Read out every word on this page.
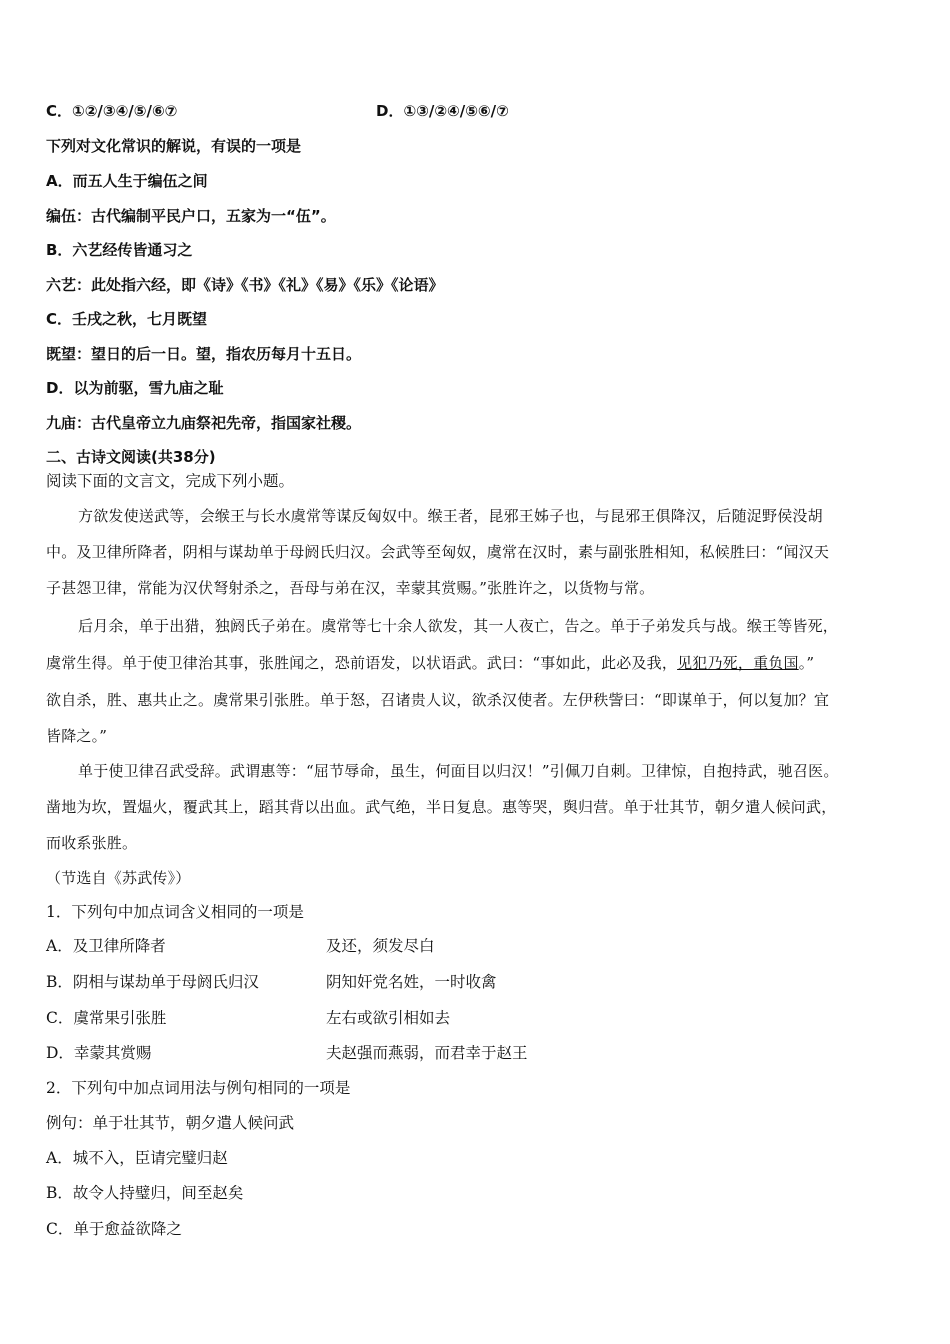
C．①②/③④/⑤/⑥⑦	D．①③/②④/⑤⑥/⑦
下列对文化常识的解说，有误的一项是
A．而五人生于编伍之间
编伍：古代编制平民户口，五家为一“伍”。
B．六艺经传皆通习之
六艺：此处指六经，即《诗》《书》《礼》《易》《乐》《论语》
C．壬戌之秋，七月既望
既望：望日的后一日。望，指农历每月十五日。
D．以为前驱，雪九庙之耻
九庙：古代皇帝立九庙祭祀先帝，指国家社稷。
二、古诗文阅读(共38分)
阅读下面的文言文，完成下列小题。
方欲发使送武等，会缑王与长水虞常等谋反匈奴中。缑王者，昆邪王姊子也，与昆邪王俱降汉，后随浞野侯没胡
中。及卫律所降者，阴相与谋劫单于母阏氏归汉。会武等至匈奴，虞常在汉时，素与副张胜相知，私候胜曰：“闻汉天
子甚怨卫律，常能为汉伏弩射杀之，吾母与弟在汉，幸蒙其赏赐。”张胜许之，以货物与常。
后月余，单于出猎，独阏氏子弟在。虞常等七十余人欲发，其一人夜亡，告之。单于子弟发兵与战。缑王等皆死，
虞常生得。单于使卫律治其事，张胜闻之，恐前语发，以状语武。武曰：“事如此，此必及我，见犯乃死，重负国。”
欲自杀，胜、惠共止之。虞常果引张胜。单于怒，召诸贵人议，欲杀汉使者。左伊秩訾曰：“即谋单于，何以复加？宜
皆降之。”
单于使卫律召武受辞。武谓惠等：“屈节辱命，虽生，何面目以归汉！”引佩刀自刺。卫律惊，自抱持武，驰召医。
凿地为坎，置煴火，覆武其上，蹈其背以出血。武气绝，半日复息。惠等哭，舆归营。单于壮其节，朝夕遣人候问武，
而收系张胜。
（节选自《苏武传》）
1．下列句中加点词含义相同的一项是
A．及卫律所降者	及还，须发尽白
B．阴相与谋劫单于母阏氏归汉	阴知奸党名姓，一时收禽
C．虞常果引张胜	左右或欲引相如去
D．幸蒙其赏赐	夫赵强而燕弱，而君幸于赵王
2．下列句中加点词用法与例句相同的一项是
例句：单于壮其节，朝夕遣人候问武
A．城不入，臣请完璧归赵
B．故令人持璧归，间至赵矣
C．单于愈益欲降之
